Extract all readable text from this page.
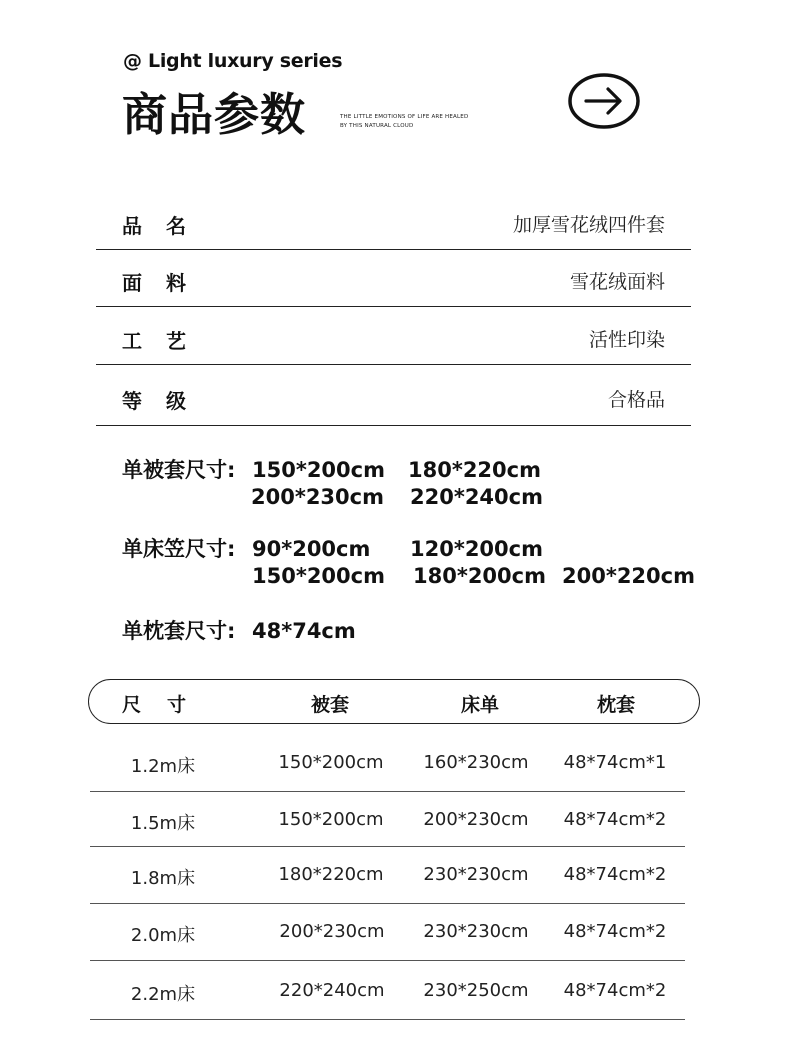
@ Light luxury series
商品参数	THE LITTLE EMOTIONS OF LIFE ARE HEALED
BY THIS NATURAL CLOUD
品 名	加厚雪花绒四件套
面 料	雪花绒面料
工 艺	活性印染
等 级	合格品
单被套尺寸: 150*200cm 180*220cm
200*230cm 220*240cm
单床笠尺寸: 90*200cm 120*200cm
150*200cm 180*200cm 200*220cm
单枕套尺寸: 48*74cm
尺 寸	被套	床单	枕套
1.2m床	150*200cm 160*230cm 48*74cm*1
1.5m床	150*200cm 200*230cm 48*74cm*2
1.8m床	180*220cm 230*230cm 48*74cm*2
2.0m床	200*230cm 230*230cm 48*74cm*2
2.2m床	220*240cm 230*250cm 48*74cm*2
